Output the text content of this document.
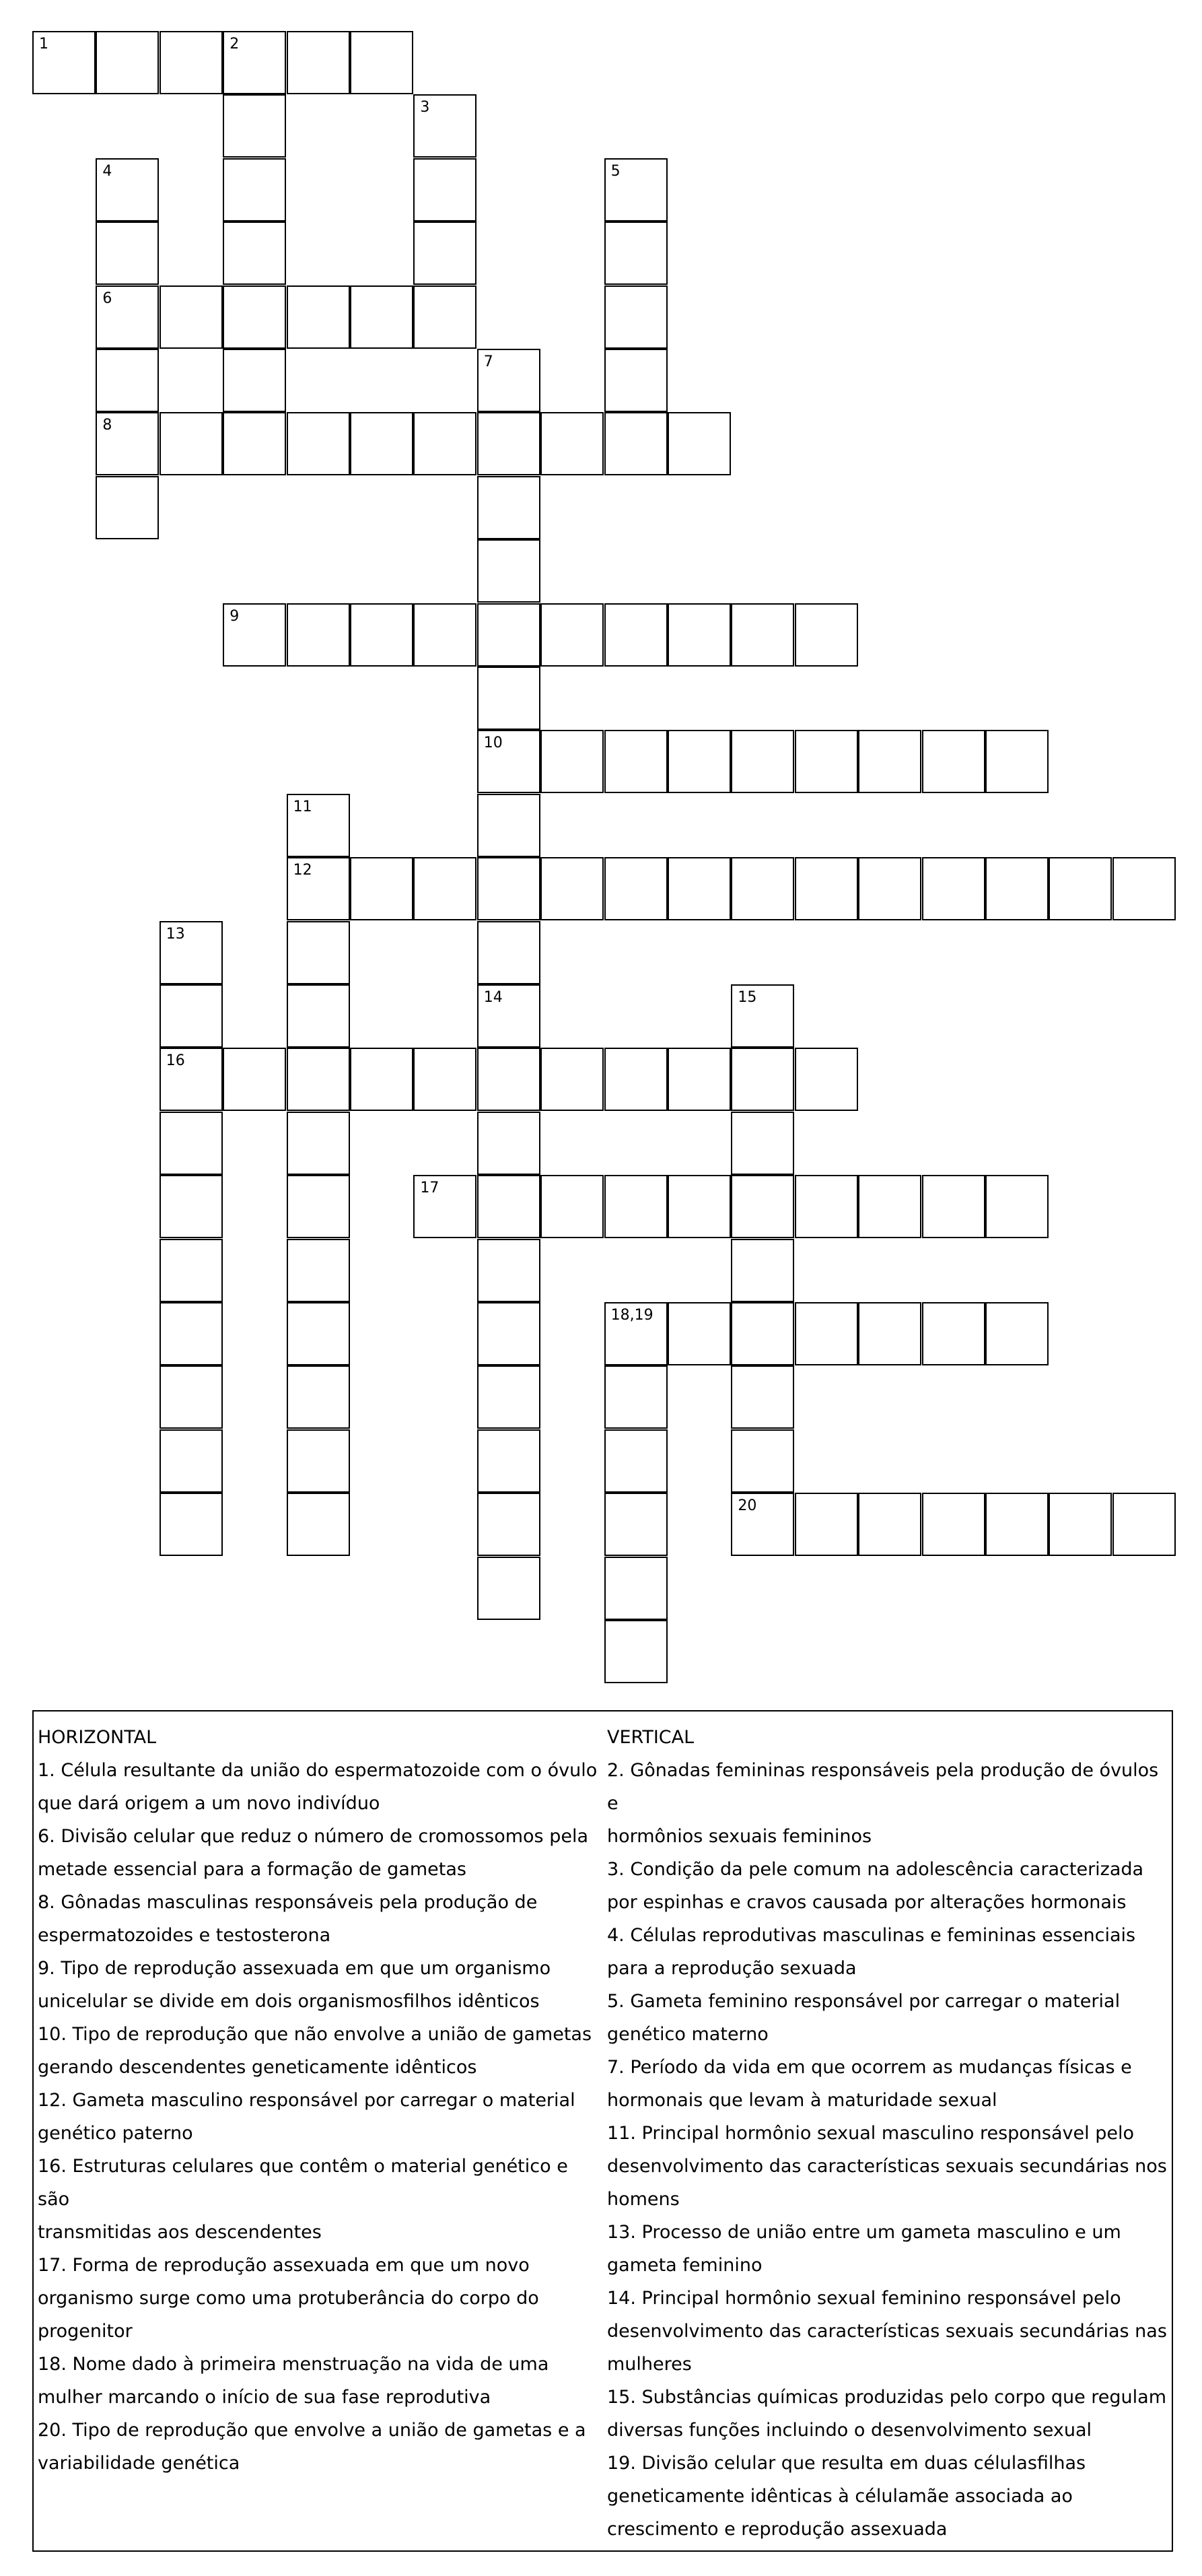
1	2
3
4
6
8
5
7
10
9
11
12
13
16
14	15
20
17
18,19
HORIZONTAL
1. Célula resultante da união do espermatozoide com o óvulo
que dará origem a um novo indivíduo
6. Divisão celular que reduz o número de cromossomos pela
metade essencial para a formação de gametas
8. Gônadas masculinas responsáveis pela produção de
espermatozoides e testosterona
9. Tipo de reprodução assexuada em que um organismo
unicelular se divide em dois organismosfilhos idênticos
10. Tipo de reprodução que não envolve a união de gametas
gerando descendentes geneticamente idênticos
12. Gameta masculino responsável por carregar o material
genético paterno
16. Estruturas celulares que contêm o material genético e são
transmitidas aos descendentes
17. Forma de reprodução assexuada em que um novo
organismo surge como uma protuberância do corpo do
progenitor
18. Nome dado à primeira menstruação na vida de uma
mulher marcando o início de sua fase reprodutiva
20. Tipo de reprodução que envolve a união de gametas e a
variabilidade genética
VERTICAL
2. Gônadas femininas responsáveis pela produção de óvulos e
hormônios sexuais femininos
3. Condição da pele comum na adolescência caracterizada
por espinhas e cravos causada por alterações hormonais
4. Células reprodutivas masculinas e femininas essenciais
para a reprodução sexuada
5. Gameta feminino responsável por carregar o material
genético materno
7. Período da vida em que ocorrem as mudanças físicas e
hormonais que levam à maturidade sexual
11. Principal hormônio sexual masculino responsável pelo
desenvolvimento das características sexuais secundárias nos
homens
13. Processo de união entre um gameta masculino e um
gameta feminino
14. Principal hormônio sexual feminino responsável pelo
desenvolvimento das características sexuais secundárias nas
mulheres
15. Substâncias químicas produzidas pelo corpo que regulam
diversas funções incluindo o desenvolvimento sexual
19. Divisão celular que resulta em duas célulasfilhas
geneticamente idênticas à célulamãe associada ao
crescimento e reprodução assexuada
